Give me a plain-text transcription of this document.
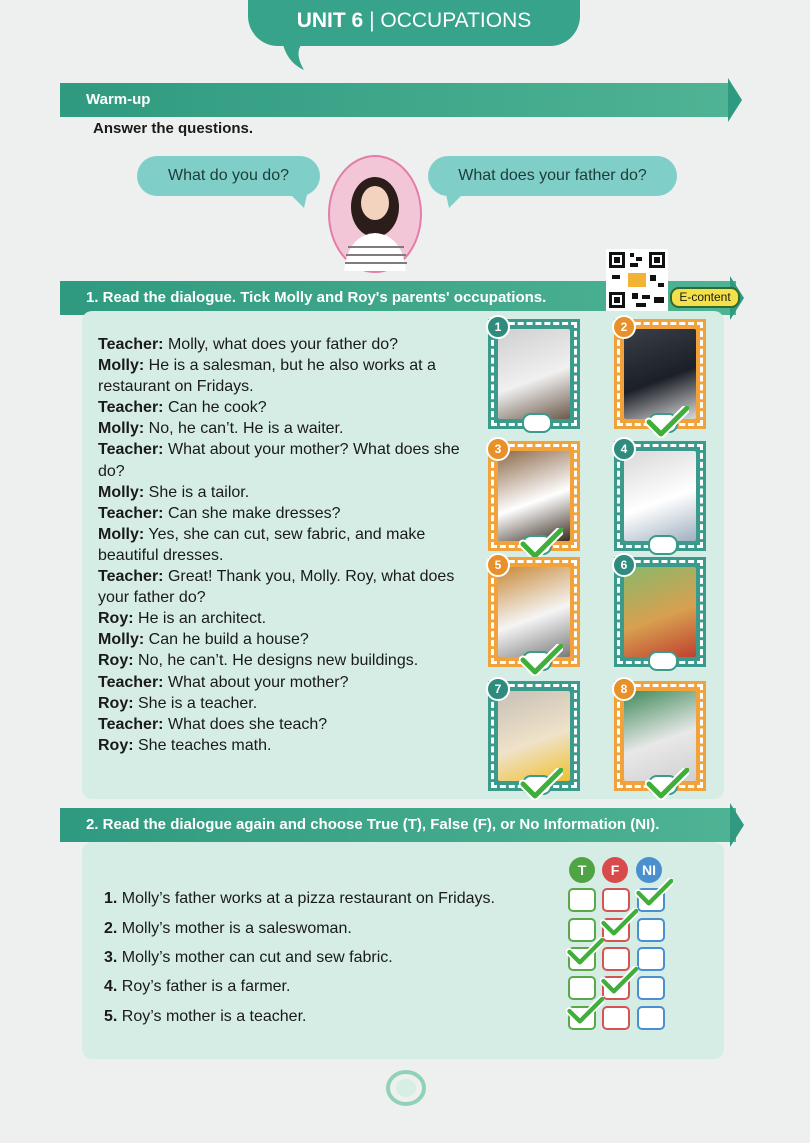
UNIT 6 | OCCUPATIONS
Warm-up
Answer the questions.
What do you do?	What does your father do?
1. Read the dialogue. Tick Molly and Roy's parents' occupations.	E-content
Teacher: Molly, what does your father do?
Molly: He is a salesman, but he also works at a restaurant on Fridays.
Teacher: Can he cook?
Molly: No, he can’t. He is a waiter.
Teacher: What about your mother? What does she do?
Molly: She is a tailor.
Teacher: Can she make dresses?
Molly: Yes, she can cut, sew fabric, and make beautiful dresses.
Teacher: Great! Thank you, Molly. Roy, what does your father do?
Roy: He is an architect.
Molly: Can he build a house?
Roy: No, he can’t. He designs new buildings.
Teacher: What about your mother?
Roy: She is a teacher.
Teacher: What does she teach?
Roy: She teaches math.
1	2
3	4
5	6
7	8
2. Read the dialogue again and choose True (T), False (F), or No Information (NI).
T	F	NI
1. Molly’s father works at a pizza restaurant on Fridays.
2. Molly’s mother is a saleswoman.
3. Molly’s mother can cut and sew fabric.
4. Roy’s father is a farmer.
5. Roy’s mother is a teacher.
